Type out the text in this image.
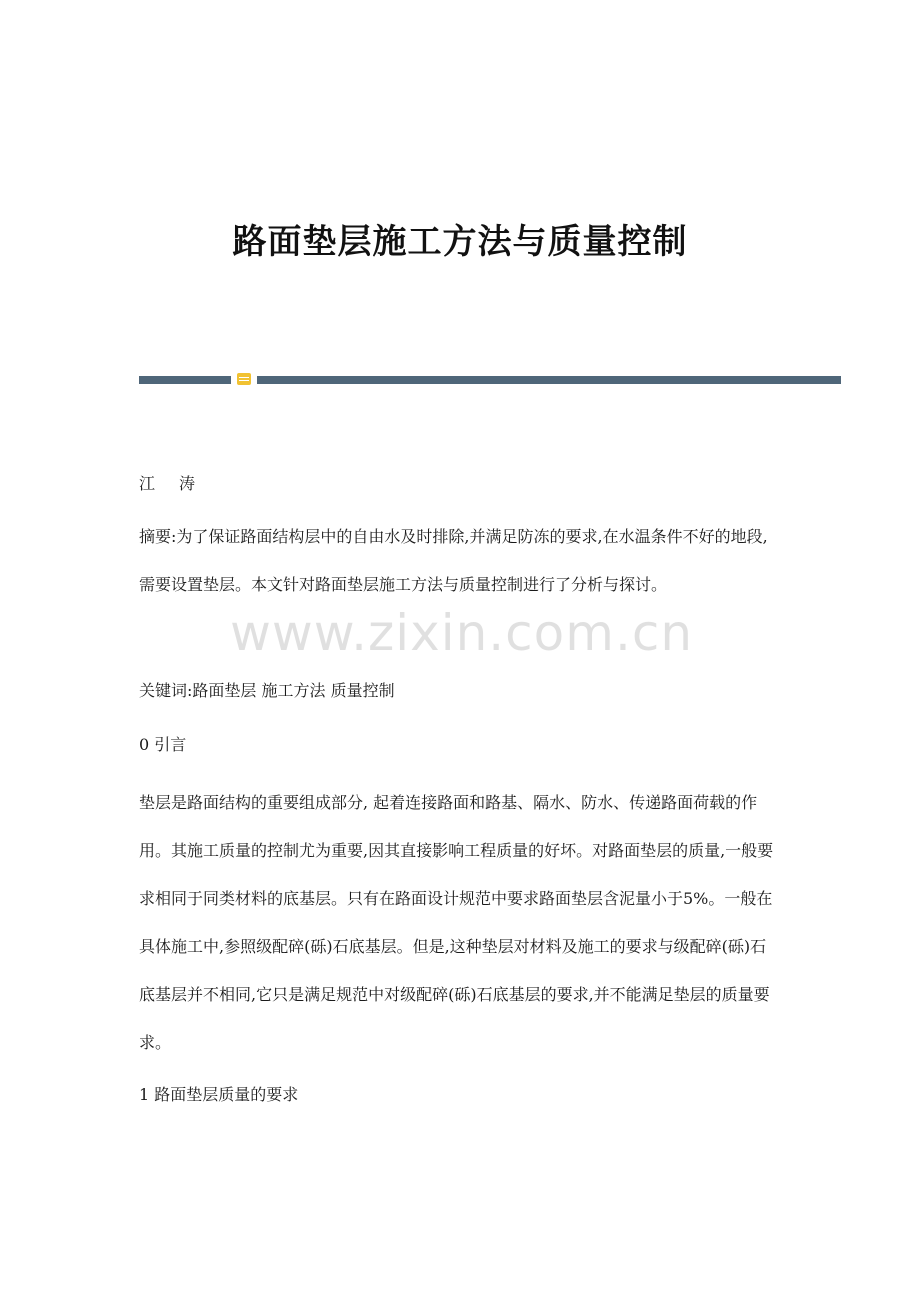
路面垫层施工方法与质量控制

江 涛

摘要:为了保证路面结构层中的自由水及时排除,并满足防冻的要求,在水温条件不好的地段,需要设置垫层。本文针对路面垫层施工方法与质量控制进行了分析与探讨。

www.zixin.com.cn

关键词:路面垫层 施工方法 质量控制

0 引言

垫层是路面结构的重要组成部分, 起着连接路面和路基、隔水、防水、传递路面荷载的作用。其施工质量的控制尤为重要,因其直接影响工程质量的好坏。对路面垫层的质量,一般要求相同于同类材料的底基层。只有在路面设计规范中要求路面垫层含泥量小于5%。一般在具体施工中,参照级配碎(砾)石底基层。但是,这种垫层对材料及施工的要求与级配碎(砾)石底基层并不相同,它只是满足规范中对级配碎(砾)石底基层的要求,并不能满足垫层的质量要求。

1 路面垫层质量的要求
